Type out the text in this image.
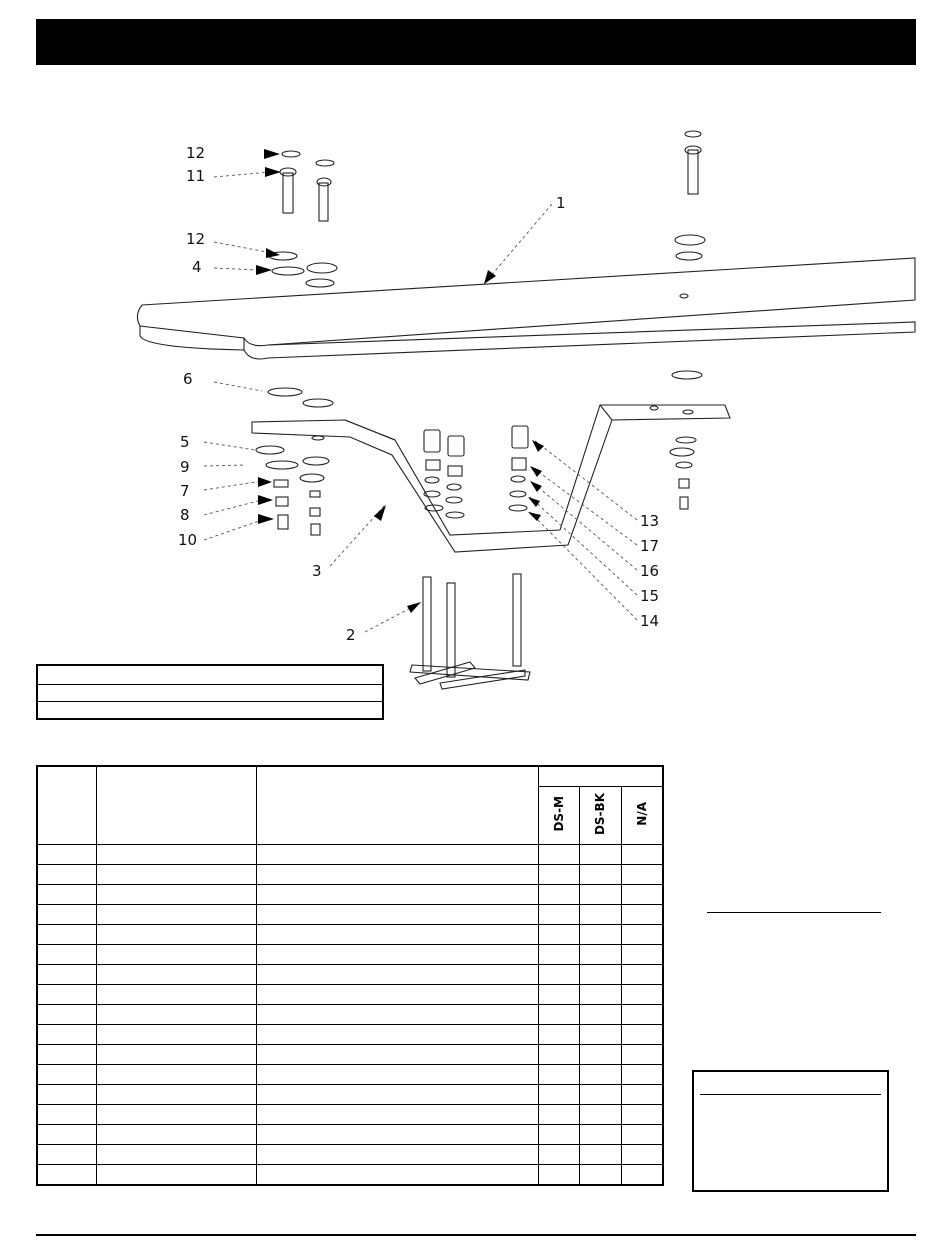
1
2
3
4
5
6
7
8
9
10
11
12
12
13
14
15
16
17

			DS-M	DS-BK	N/A
